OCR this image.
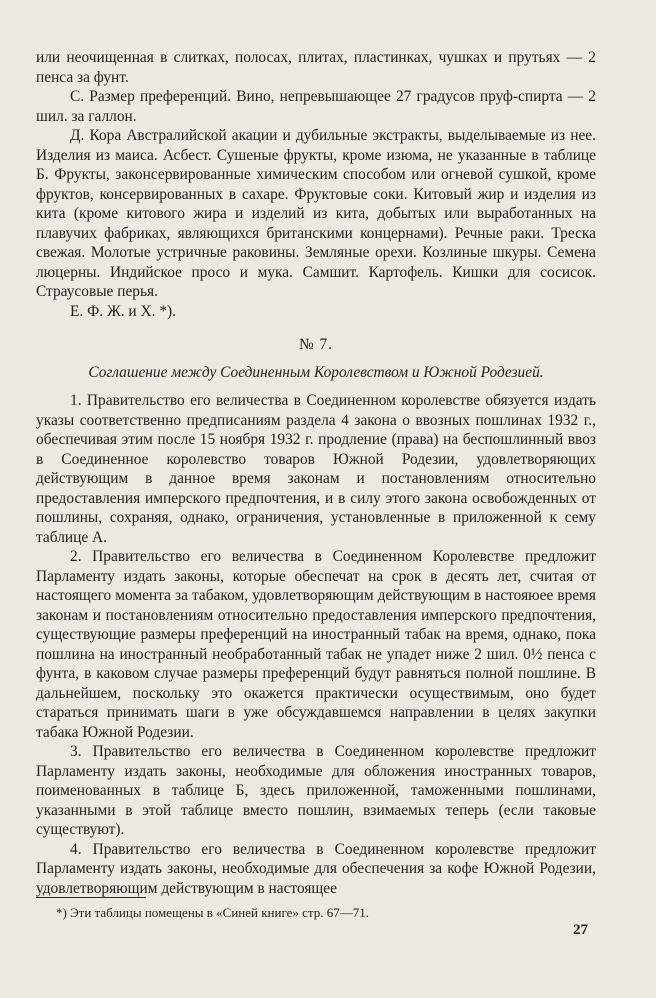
или неочищенная в слитках, полосах, плитах, пластинках, чушках и прутьях — 2 пенса за фунт.

С. Размер преференций. Вино, непревышающее 27 градусов пруф-спирта — 2 шил. за галлон.

Д. Кора Австралийской акации и дубильные экстракты, выделываемые из нее. Изделия из маиса. Асбест. Сушеные фрукты, кроме изюма, не указанные в таблице Б. Фрукты, законсервированные химическим способом или огневой сушкой, кроме фруктов, консервированных в сахаре. Фруктовые соки. Китовый жир и изделия из кита (кроме китового жира и изделий из кита, добытых или выработанных на плавучих фабриках, являющихся британскими концернами). Речные раки. Треска свежая. Молотые устричные раковины. Земляные орехи. Козлиные шкуры. Семена люцерны. Индийское просо и мука. Самшит. Картофель. Кишки для сосисок. Страусовые перья.

Е. Ф. Ж. и Х. *).

№ 7.
Соглашение между Соединенным Королевством и Южной Родезией.

1. Правительство его величества в Соединенном королевстве обязуется издать указы соответственно предписаниям раздела 4 закона о ввозных пошлинах 1932 г., обеспечивая этим после 15 ноября 1932 г. продление (права) на беспошлинный ввоз в Соединенное королевство товаров Южной Родезии, удовлетворяющих действующим в данное время законам и постановлениям относительно предоставления имперского предпочтения, и в силу этого закона освобожденных от пошлины, сохраняя, однако, ограничения, установленные в приложенной к сему таблице А.

2. Правительство его величества в Соединенном Королевстве предложит Парламенту издать законы, которые обеспечат на срок в десять лет, считая от настоящего момента за табаком, удовлетворяющим действующим в настояюее время законам и постановлениям относительно предоставления имперского предпочтения, существующие размеры преференций на иностранный табак на время, однако, пока пошлина на иностранный необработанный табак не упадет ниже 2 шил. 0½ пенса с фунта, в каковом случае размеры преференций будут равняться полной пошлине. В дальнейшем, поскольку это окажется практически осуществимым, оно будет стараться принимать шаги в уже обсуждавшемся направлении в целях закупки табака Южной Родезии.

3. Правительство его величества в Соединенном королевстве предложит Парламенту издать законы, необходимые для обложения иностранных товаров, поименованных в таблице Б, здесь приложенной, таможенными пошлинами, указанными в этой таблице вместо пошлин, взимаемых теперь (если таковые существуют).

4. Правительство его величества в Соединенном королевстве предложит Парламенту издать законы, необходимые для обеспечения за кофе Южной Родезии, удовлетворяющим действующим в настоящее

*) Эти таблицы помещены в «Синей книге» стр. 67—71.
27
